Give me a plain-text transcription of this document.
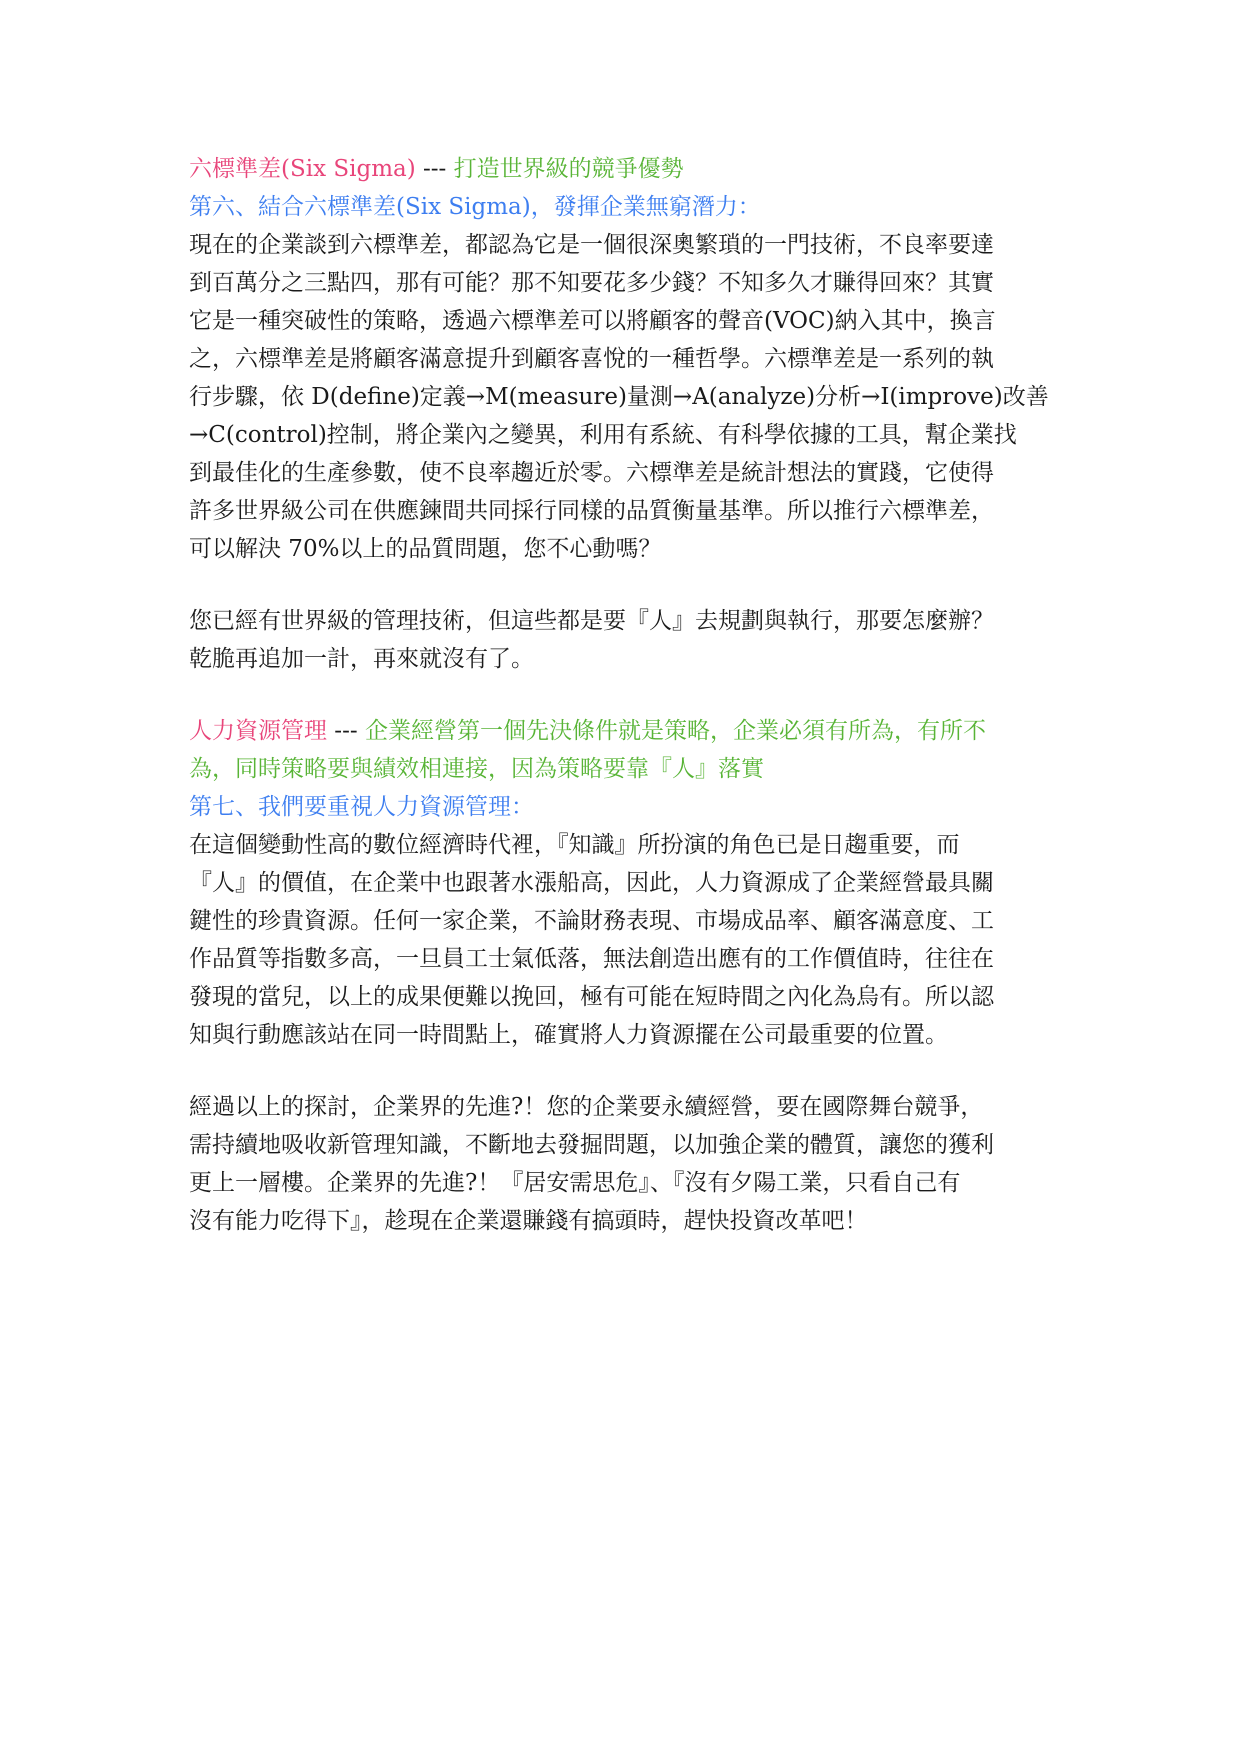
六標準差(Six Sigma) --- 打造世界級的競爭優勢
第六、結合六標準差(Six Sigma)，發揮企業無窮潛力：
現在的企業談到六標準差，都認為它是一個很深奧繁瑣的一門技術，不良率要達
到百萬分之三點四，那有可能？那不知要花多少錢？不知多久才賺得回來？其實
它是一種突破性的策略，透過六標準差可以將顧客的聲音(VOC)納入其中，換言
之，六標準差是將顧客滿意提升到顧客喜悅的一種哲學。六標準差是一系列的執
行步驟，依 D(define)定義→M(measure)量測→A(analyze)分析→I(improve)改善
→C(control)控制，將企業內之變異，利用有系統、有科學依據的工具，幫企業找
到最佳化的生產參數，使不良率趨近於零。六標準差是統計想法的實踐，它使得
許多世界級公司在供應鍊間共同採行同樣的品質衡量基準。所以推行六標準差，
可以解決 70%以上的品質問題，您不心動嗎？
您已經有世界級的管理技術，但這些都是要『人』去規劃與執行，那要怎麼辦？
乾脆再追加一計，再來就沒有了。
人力資源管理 --- 企業經營第一個先決條件就是策略，企業必須有所為，有所不
為，同時策略要與績效相連接，因為策略要靠『人』落實
第七、我們要重視人力資源管理：
在這個變動性高的數位經濟時代裡，『知識』所扮演的角色已是日趨重要，而
『人』的價值，在企業中也跟著水漲船高，因此，人力資源成了企業經營最具關
鍵性的珍貴資源。任何一家企業，不論財務表現、市場成品率、顧客滿意度、工
作品質等指數多高，一旦員工士氣低落，無法創造出應有的工作價值時，往往在
發現的當兒，以上的成果便難以挽回，極有可能在短時間之內化為烏有。所以認
知與行動應該站在同一時間點上，確實將人力資源擺在公司最重要的位置。
經過以上的探討，企業界的先進?！您的企業要永續經營，要在國際舞台競爭，
需持續地吸收新管理知識，不斷地去發掘問題，以加強企業的體質，讓您的獲利
更上一層樓。企業界的先進?！『居安需思危』、『沒有夕陽工業，只看自己有
沒有能力吃得下』，趁現在企業還賺錢有搞頭時，趕快投資改革吧！
